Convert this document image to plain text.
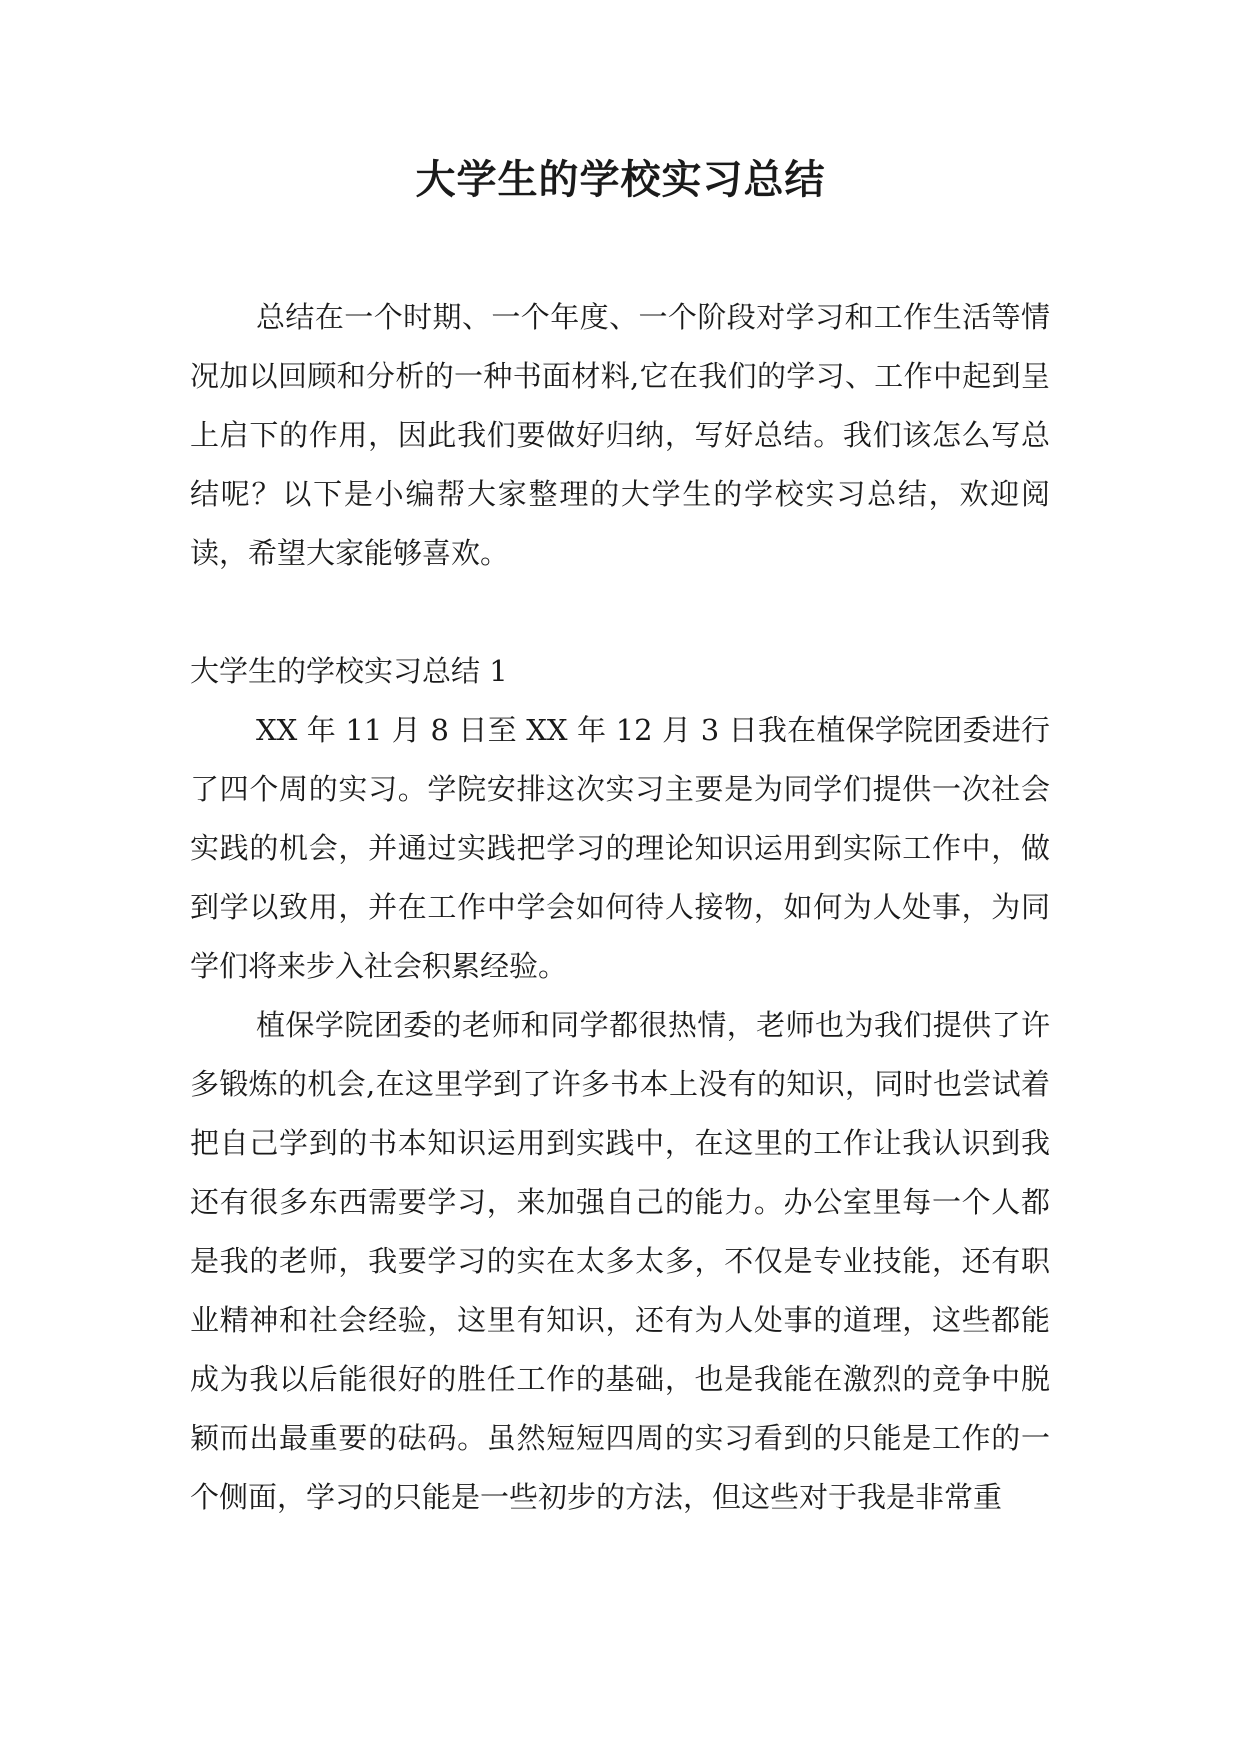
大学生的学校实习总结

总结在一个时期、一个年度、一个阶段对学习和工作生活等情况加以回顾和分析的一种书面材料,它在我们的学习、工作中起到呈上启下的作用，因此我们要做好归纳，写好总结。我们该怎么写总结呢？以下是小编帮大家整理的大学生的学校实习总结，欢迎阅读，希望大家能够喜欢。

大学生的学校实习总结 1

XX 年 11 月 8 日至 XX 年 12 月 3 日我在植保学院团委进行了四个周的实习。学院安排这次实习主要是为同学们提供一次社会实践的机会，并通过实践把学习的理论知识运用到实际工作中，做到学以致用，并在工作中学会如何待人接物，如何为人处事，为同学们将来步入社会积累经验。

植保学院团委的老师和同学都很热情，老师也为我们提供了许多锻炼的机会,在这里学到了许多书本上没有的知识，同时也尝试着把自己学到的书本知识运用到实践中，在这里的工作让我认识到我还有很多东西需要学习，来加强自己的能力。办公室里每一个人都是我的老师，我要学习的实在太多太多，不仅是专业技能，还有职业精神和社会经验，这里有知识，还有为人处事的道理，这些都能成为我以后能很好的胜任工作的基础，也是我能在激烈的竞争中脱颖而出最重要的砝码。虽然短短四周的实习看到的只能是工作的一个侧面，学习的只能是一些初步的方法，但这些对于我是非常重
